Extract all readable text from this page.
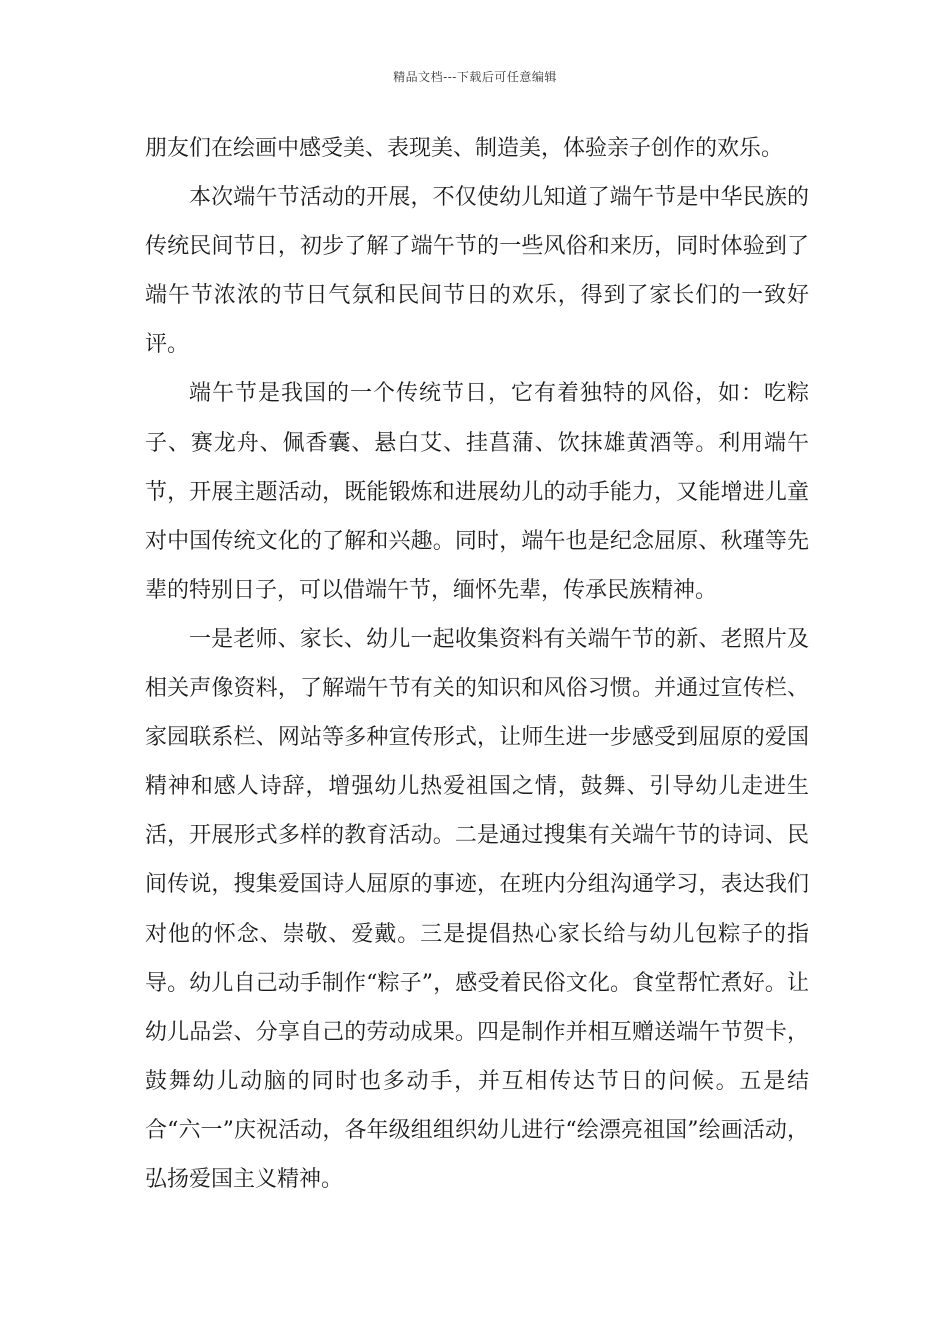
精品文档---下载后可任意编辑

朋友们在绘画中感受美、表现美、制造美，体验亲子创作的欢乐。

本次端午节活动的开展，不仅使幼儿知道了端午节是中华民族的传统民间节日，初步了解了端午节的一些风俗和来历，同时体验到了端午节浓浓的节日气氛和民间节日的欢乐，得到了家长们的一致好评。

端午节是我国的一个传统节日，它有着独特的风俗，如：吃粽子、赛龙舟、佩香囊、悬白艾、挂菖蒲、饮抹雄黄酒等。利用端午节，开展主题活动，既能锻炼和进展幼儿的动手能力，又能增进儿童对中国传统文化的了解和兴趣。同时，端午也是纪念屈原、秋瑾等先辈的特别日子，可以借端午节，缅怀先辈，传承民族精神。

一是老师、家长、幼儿一起收集资料有关端午节的新、老照片及相关声像资料，了解端午节有关的知识和风俗习惯。并通过宣传栏、家园联系栏、网站等多种宣传形式，让师生进一步感受到屈原的爱国精神和感人诗辞，增强幼儿热爱祖国之情，鼓舞、引导幼儿走进生活，开展形式多样的教育活动。二是通过搜集有关端午节的诗词、民间传说，搜集爱国诗人屈原的事迹，在班内分组沟通学习，表达我们对他的怀念、崇敬、爱戴。三是提倡热心家长给与幼儿包粽子的指导。幼儿自己动手制作“粽子”，感受着民俗文化。食堂帮忙煮好。让幼儿品尝、分享自己的劳动成果。四是制作并相互赠送端午节贺卡，鼓舞幼儿动脑的同时也多动手，并互相传达节日的问候。五是结合“六一”庆祝活动，各年级组组织幼儿进行“绘漂亮祖国”绘画活动，弘扬爱国主义精神。
